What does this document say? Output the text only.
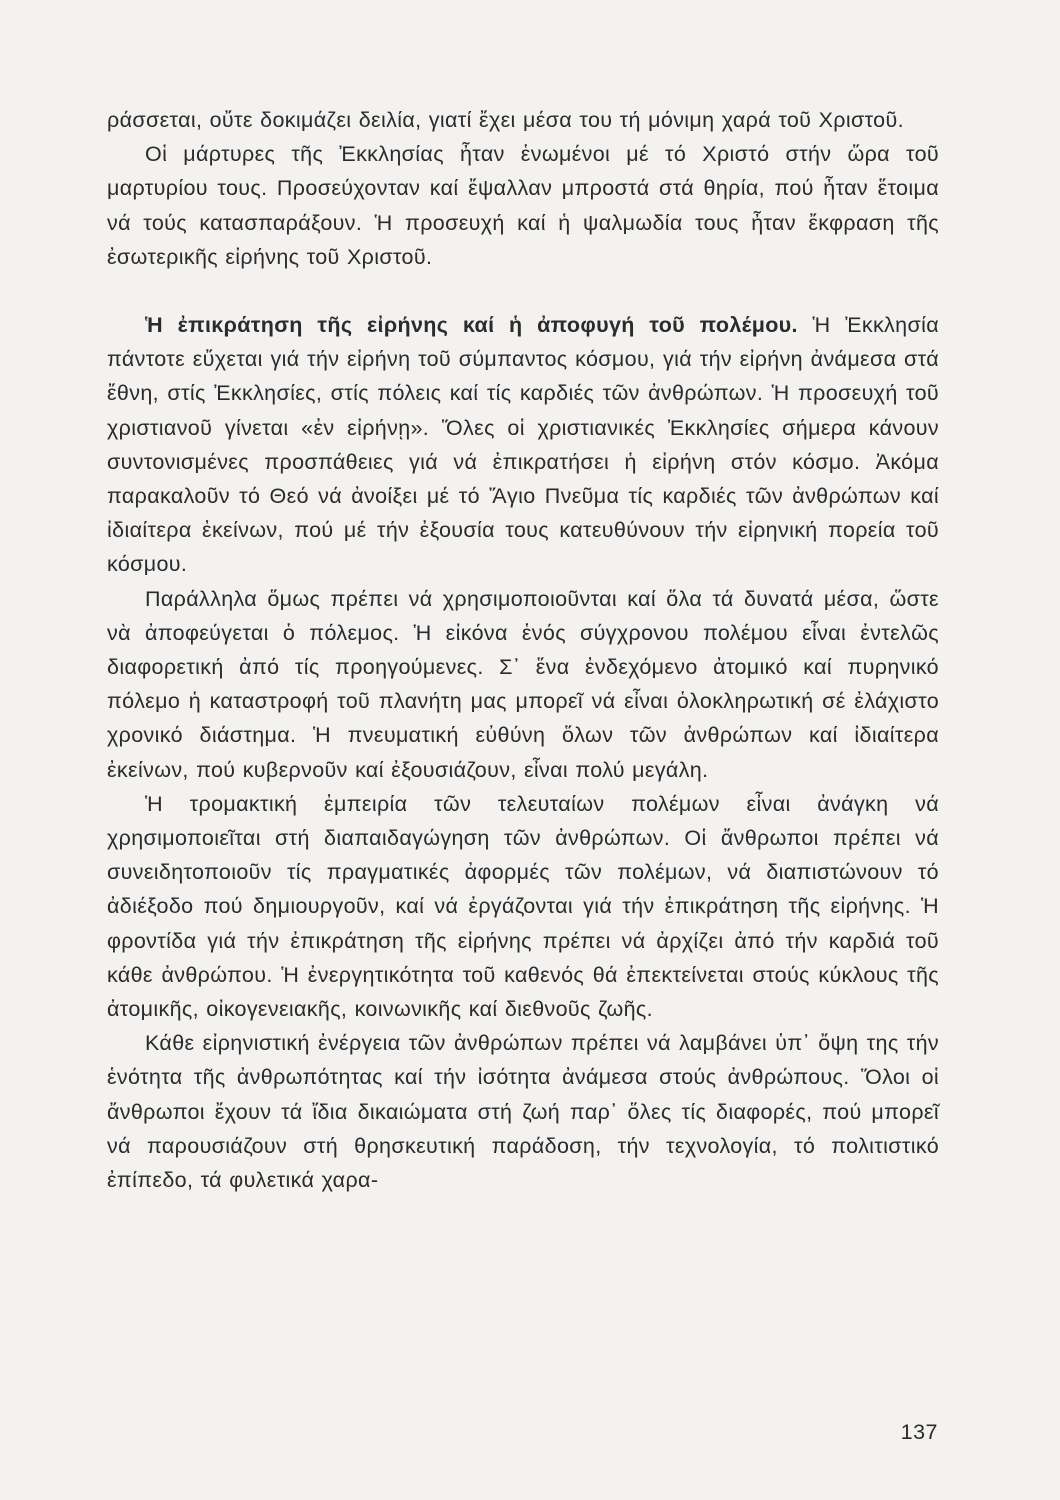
ράσσεται, οὔτε δοκιμάζει δειλία, γιατί ἔχει μέσα του τή μόνιμη χαρά τοῦ Χριστοῦ.

Οἱ μάρτυρες τῆς Ἐκκλησίας ἦταν ἑνωμένοι μέ τό Χριστό στήν ὥρα τοῦ μαρτυρίου τους. Προσεύχονταν καί ἔψαλλαν μπροστά στά θηρία, πού ἦταν ἕτοιμα νά τούς κατασπαράξουν. Ἡ προσευχή καί ἡ ψαλμωδία τους ἦταν ἔκφραση τῆς ἐσωτερικῆς εἰρήνης τοῦ Χριστοῦ.

Ἡ ἐπικράτηση τῆς εἰρήνης καί ἡ ἀποφυγή τοῦ πολέμου. Ἡ Ἐκκλησία πάντοτε εὔχεται γιά τήν εἰρήνη τοῦ σύμπαντος κόσμου, γιά τήν εἰρήνη ἀνάμεσα στά ἔθνη, στίς Ἐκκλησίες, στίς πόλεις καί τίς καρδιές τῶν ἀνθρώπων. Ἡ προσευχή τοῦ χριστιανοῦ γίνεται «ἐν εἰρήνῃ». Ὅλες οἱ χριστιανικές Ἐκκλησίες σήμερα κάνουν συντονισμένες προσπάθειες γιά νά ἐπικρατήσει ἡ εἰρήνη στόν κόσμο. Ἀκόμα παρακαλοῦν τό Θεό νά ἀνοίξει μέ τό Ἅγιο Πνεῦμα τίς καρδιές τῶν ἀνθρώπων καί ἰδιαίτερα ἐκείνων, πού μέ τήν ἐξουσία τους κατευθύνουν τήν εἰρηνική πορεία τοῦ κόσμου.

Παράλληλα ὅμως πρέπει νά χρησιμοποιοῦνται καί ὅλα τά δυνατά μέσα, ὥστε νὰ ἀποφεύγεται ὁ πόλεμος. Ἡ εἰκόνα ἑνός σύγχρονου πολέμου εἶναι ἐντελῶς διαφορετική ἀπό τίς προηγούμενες. Σ᾽ ἕνα ἐνδεχόμενο ἀτομικό καί πυρηνικό πόλεμο ἡ καταστροφή τοῦ πλανήτη μας μπορεῖ νά εἶναι ὁλοκληρωτική σέ ἐλάχιστο χρονικό διάστημα. Ἡ πνευματική εὐθύνη ὅλων τῶν ἀνθρώπων καί ἰδιαίτερα ἐκείνων, πού κυβερνοῦν καί ἐξουσιάζουν, εἶναι πολύ μεγάλη.

Ἡ τρομακτική ἐμπειρία τῶν τελευταίων πολέμων εἶναι ἀνάγκη νά χρησιμοποιεῖται στή διαπαιδαγώγηση τῶν ἀνθρώπων. Οἱ ἄνθρωποι πρέπει νά συνειδητοποιοῦν τίς πραγματικές ἀφορμές τῶν πολέμων, νά διαπιστώνουν τό ἀδιέξοδο πού δημιουργοῦν, καί νά ἐργάζονται γιά τήν ἐπικράτηση τῆς εἰρήνης. Ἡ φροντίδα γιά τήν ἐπικράτηση τῆς εἰρήνης πρέπει νά ἀρχίζει ἀπό τήν καρδιά τοῦ κάθε ἀνθρώπου. Ἡ ἐνεργητικότητα τοῦ καθενός θά ἐπεκτείνεται στούς κύκλους τῆς ἀτομικῆς, οἰκογενειακῆς, κοινωνικῆς καί διεθνοῦς ζωῆς.

Κάθε εἰρηνιστική ἐνέργεια τῶν ἀνθρώπων πρέπει νά λαμβάνει ὑπ᾽ ὄψη της τήν ἑνότητα τῆς ἀνθρωπότητας καί τήν ἰσότητα ἀνάμεσα στούς ἀνθρώπους. Ὅλοι οἱ ἄνθρωποι ἔχουν τά ἴδια δικαιώματα στή ζωή παρ᾽ ὅλες τίς διαφορές, πού μπορεῖ νά παρουσιάζουν στή θρησκευτική παράδοση, τήν τεχνολογία, τό πολιτιστικό ἐπίπεδο, τά φυλετικά χαρα-

137
